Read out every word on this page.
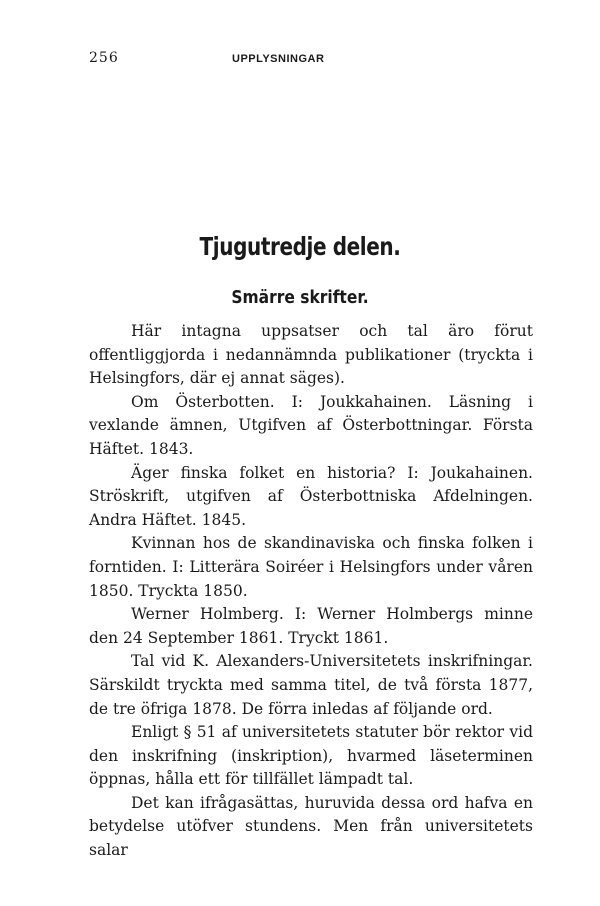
256	UPPLYSNINGAR
Tjugutredje delen.
Smärre skrifter.

Här intagna uppsatser och tal äro förut offentliggjorda i nedannämnda publikationer (tryckta i Helsingfors, där ej annat säges).

Om Österbotten. I: Joukkahainen. Läsning i vexlande ämnen, Utgifven af Österbottningar. Första Häftet. 1843.

Äger finska folket en historia? I: Joukahainen. Ströskrift, utgifven af Österbottniska Afdelningen. Andra Häftet. 1845.

Kvinnan hos de skandinaviska och finska folken i forntiden. I: Litterära Soiréer i Helsingfors under våren 1850. Tryckta 1850.

Werner Holmberg. I: Werner Holmbergs minne den 24 September 1861. Tryckt 1861.

Tal vid K. Alexanders-Universitetets inskrifningar. Särskildt tryckta med samma titel, de två första 1877, de tre öfriga 1878. De förra inledas af följande ord.

Enligt § 51 af universitetets statuter bör rektor vid den inskrifning (inskription), hvarmed läseterminen öppnas, hålla ett för tillfället lämpadt tal.

Det kan ifrågasättas, huruvida dessa ord hafva en betydelse utöfver stundens. Men från universitetets salar
